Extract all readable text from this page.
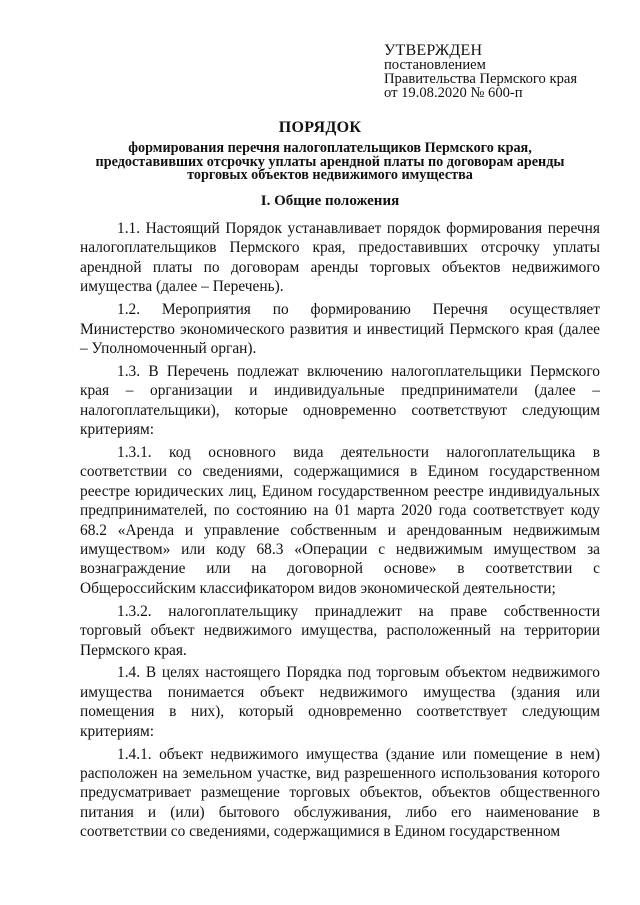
УТВЕРЖДЕН
постановлением
Правительства Пермского края
от 19.08.2020 № 600-п
ПОРЯДОК
формирования перечня налогоплательщиков Пермского края, предоставивших отсрочку уплаты арендной платы по договорам аренды торговых объектов недвижимого имущества
I. Общие положения

1.1. Настоящий Порядок устанавливает порядок формирования перечня налогоплательщиков Пермского края, предоставивших отсрочку уплаты арендной платы по договорам аренды торговых объектов недвижимого имущества (далее – Перечень).

1.2. Мероприятия по формированию Перечня осуществляет Министерство экономического развития и инвестиций Пермского края (далее – Уполномоченный орган).

1.3. В Перечень подлежат включению налогоплательщики Пермского края – организации и индивидуальные предприниматели (далее – налогоплательщики), которые одновременно соответствуют следующим критериям:

1.3.1. код основного вида деятельности налогоплательщика в соответствии со сведениями, содержащимися в Едином государственном реестре юридических лиц, Едином государственном реестре индивидуальных предпринимателей, по состоянию на 01 марта 2020 года соответствует коду 68.2 «Аренда и управление собственным и арендованным недвижимым имуществом» или коду 68.3 «Операции с недвижимым имуществом за вознаграждение или на договорной основе» в соответствии с Общероссийским классификатором видов экономической деятельности;

1.3.2. налогоплательщику принадлежит на праве собственности торговый объект недвижимого имущества, расположенный на территории Пермского края.

1.4. В целях настоящего Порядка под торговым объектом недвижимого имущества понимается объект недвижимого имущества (здания или помещения в них), который одновременно соответствует следующим критериям:

1.4.1. объект недвижимого имущества (здание или помещение в нем) расположен на земельном участке, вид разрешенного использования которого предусматривает размещение торговых объектов, объектов общественного питания и (или) бытового обслуживания, либо его наименование в соответствии со сведениями, содержащимися в Едином государственном
